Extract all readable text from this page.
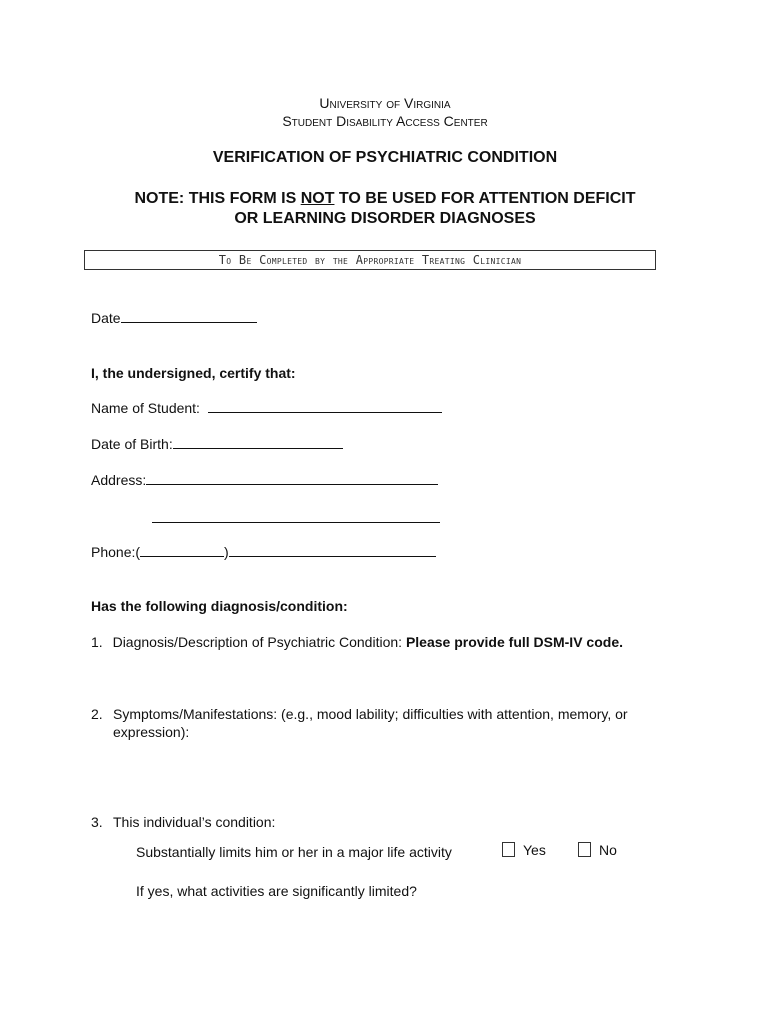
University of Virginia
Student Disability Access Center
VERIFICATION OF PSYCHIATRIC CONDITION
NOTE: THIS FORM IS NOT TO BE USED FOR ATTENTION DEFICIT
OR LEARNING DISORDER DIAGNOSES
To Be Completed by the Appropriate Treating Clinician
Date
I, the undersigned, certify that:
Name of Student:
Date of Birth:
Address:
Phone:(	)
Has the following diagnosis/condition:
1. Diagnosis/Description of Psychiatric Condition: Please provide full DSM-IV code.
2. Symptoms/Manifestations: (e.g., mood lability; difficulties with attention, memory, or
expression):
3. This individual’s condition:
Substantially limits him or her in a major life activity	Yes	No
If yes, what activities are significantly limited?
